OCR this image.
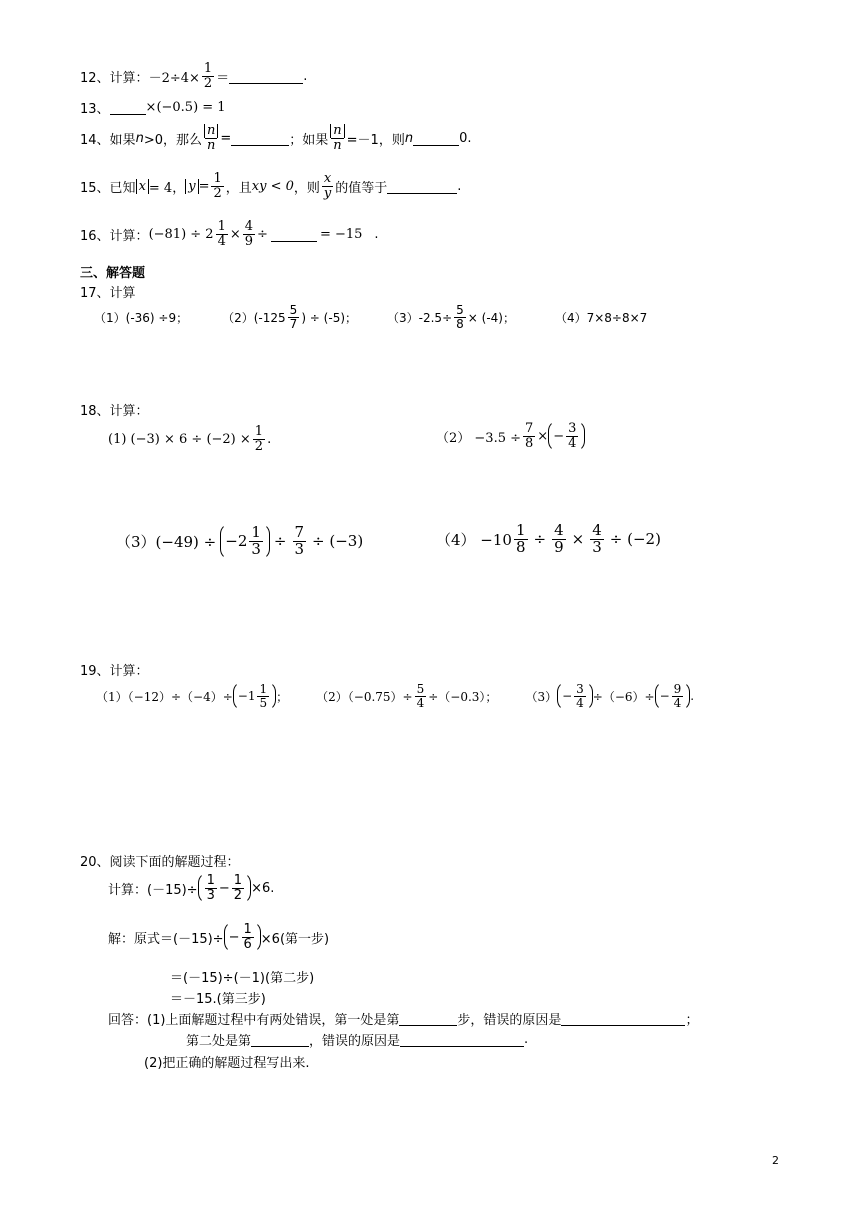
12、 计算： $-2\div 4\times \frac{1}{2}$ ＝	.
13、	×(−0.5) = 1
14、 如果 n >0，那么 $\frac{n}{n}$ =	；如果 $\frac{n}{n} =-1$，则 n	0.
15、 已知 x = 4， $y = \frac{1}{2}$ ，且 xy < 0 ，则 $\frac{x}{y}$ 的值等于	.
16、 计算： $(-81) \div 2 \frac{1}{4} \times \frac{4}{9}$ ÷	= −15 .
三、解答题
17、 计算
（1）(-36) ÷9；	$(2)(-125 \frac{5}{7}$ ) ÷ (-5)；	$(3)-2.5\div \frac{5}{8} \times (-4)$；	（4）7×8÷8×7
18、 计算：
(1) $(-3) \times 6 \div (-2) \times \frac{1}{2}$ .	$(2) -3.5 \div \frac{7}{8}$ × − $\frac{3}{4}$
$(3)(-49) \div -2 \frac{1}{3} \div \frac{7}{3} \div (-3)$	$(4) -10 \frac{1}{8} \div \frac{4}{9} \times \frac{4}{3} \div (-2)$
19、 计算：
$(1)(-12)\div(-4)\div -1 \frac{1}{5}$ ； $(2)(-0.75)\div \frac{5}{4} \div(-0.3)$； $(3) - \frac{3}{4} \div(-6)\div - \frac{9}{4}$ .
20、 阅读下面的解题过程：
计算：$(-15)\div \frac{1}{3} - \frac{1}{2} \times 6$.
解：原式$=(-15)\div - \frac{1}{6} \times 6$(第一步)
＝(－15)÷(－1)(第二步)
＝－15.(第三步)
回答：(1)上面解题过程中有两处错误，第一处是第	步，错误的原因是	；
第二处是第	，错误的原因是	.
(2)把正确的解题过程写出来.
2
